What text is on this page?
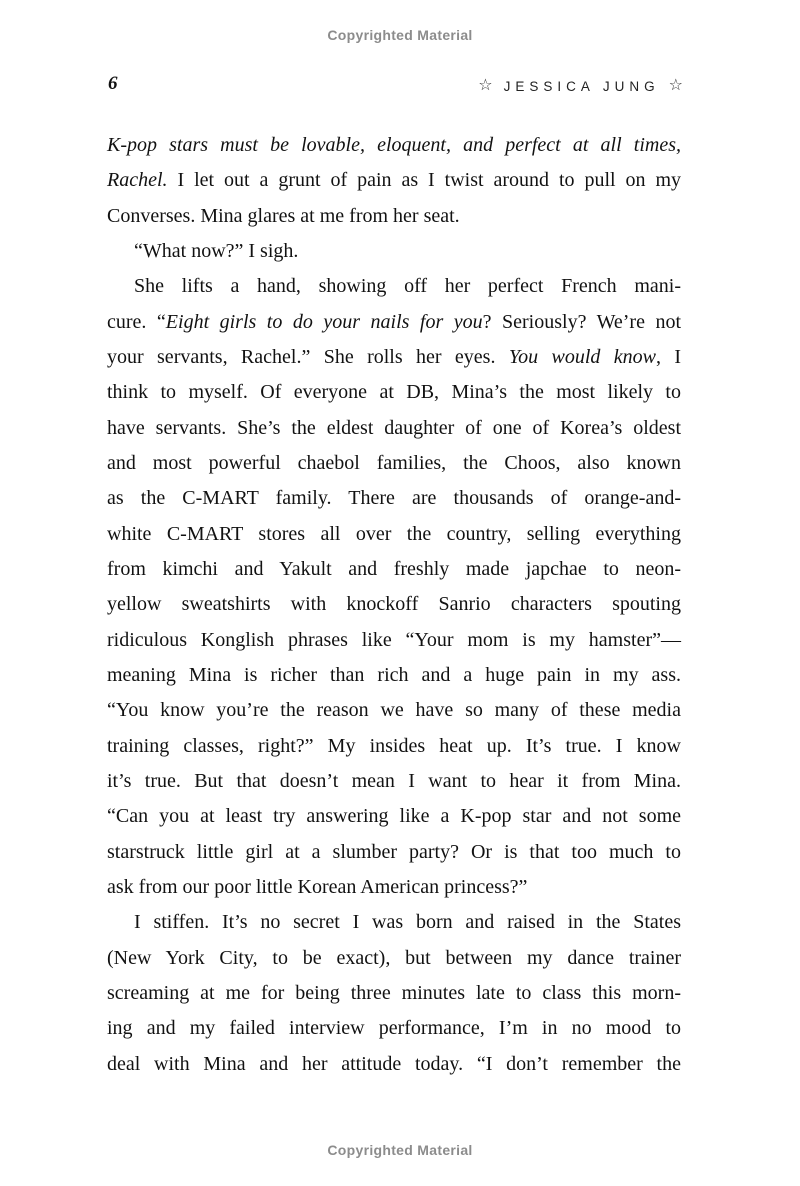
Copyrighted Material
6	☆ JESSICA JUNG ☆
K-pop stars must be lovable, eloquent, and perfect at all times,
Rachel. I let out a grunt of pain as I twist around to pull on my
Converses. Mina glares at me from her seat.
“What now?” I sigh.
She lifts a hand, showing off her perfect French mani-
cure. “Eight girls to do your nails for you? Seriously? We’re not
your servants, Rachel.” She rolls her eyes. You would know, I
think to myself. Of everyone at DB, Mina’s the most likely to
have servants. She’s the eldest daughter of one of Korea’s oldest
and most powerful chaebol families, the Choos, also known
as the C-MART family. There are thousands of orange-and-
white C-MART stores all over the country, selling everything
from kimchi and Yakult and freshly made japchae to neon-
yellow sweatshirts with knockoff Sanrio characters spouting
ridiculous Konglish phrases like “Your mom is my hamster”—
meaning Mina is richer than rich and a huge pain in my ass.
“You know you’re the reason we have so many of these media
training classes, right?” My insides heat up. It’s true. I know
it’s true. But that doesn’t mean I want to hear it from Mina.
“Can you at least try answering like a K-pop star and not some
starstruck little girl at a slumber party? Or is that too much to
ask from our poor little Korean American princess?”
I stiffen. It’s no secret I was born and raised in the States
(New York City, to be exact), but between my dance trainer
screaming at me for being three minutes late to class this morn-
ing and my failed interview performance, I’m in no mood to
deal with Mina and her attitude today. “I don’t remember the
Copyrighted Material
